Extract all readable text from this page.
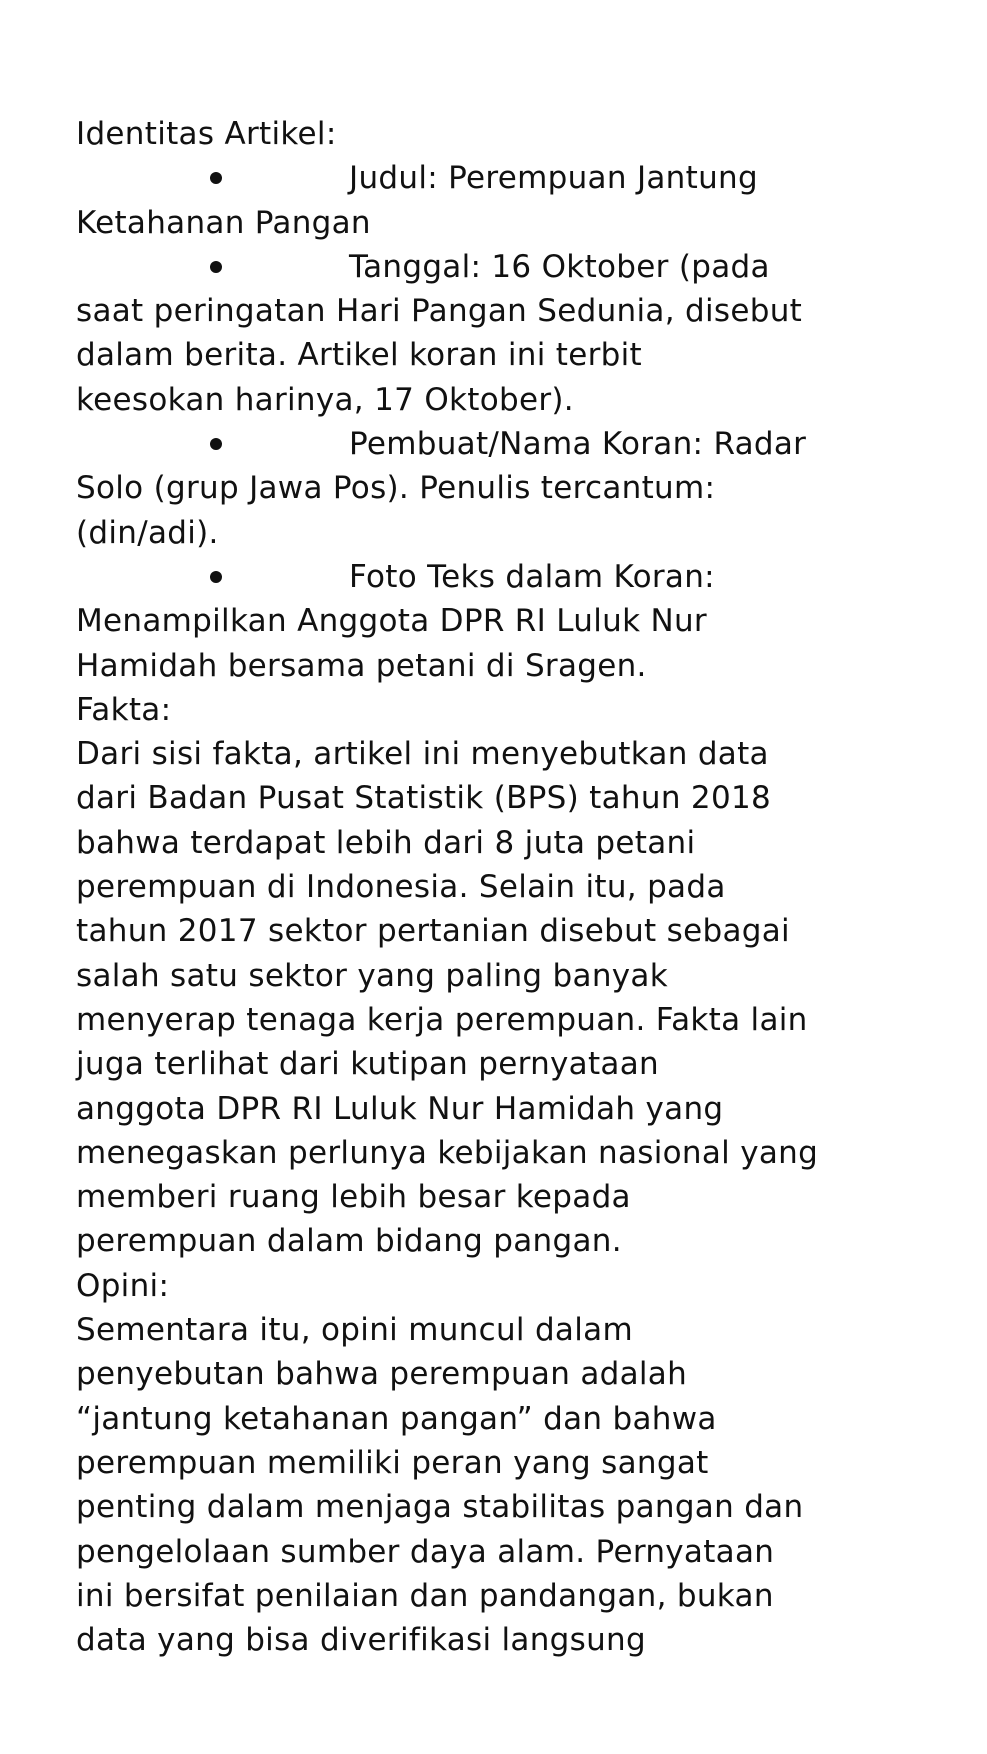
Identitas Artikel:
Judul: Perempuan Jantung
Ketahanan Pangan
Tanggal: 16 Oktober (pada
saat peringatan Hari Pangan Sedunia, disebut
dalam berita. Artikel koran ini terbit
keesokan harinya, 17 Oktober).
Pembuat/Nama Koran: Radar
Solo (grup Jawa Pos). Penulis tercantum:
(din/adi).
Foto Teks dalam Koran:
Menampilkan Anggota DPR RI Luluk Nur
Hamidah bersama petani di Sragen.
Fakta:
Dari sisi fakta, artikel ini menyebutkan data
dari Badan Pusat Statistik (BPS) tahun 2018
bahwa terdapat lebih dari 8 juta petani
perempuan di Indonesia. Selain itu, pada
tahun 2017 sektor pertanian disebut sebagai
salah satu sektor yang paling banyak
menyerap tenaga kerja perempuan. Fakta lain
juga terlihat dari kutipan pernyataan
anggota DPR RI Luluk Nur Hamidah yang
menegaskan perlunya kebijakan nasional yang
memberi ruang lebih besar kepada
perempuan dalam bidang pangan.
Opini:
Sementara itu, opini muncul dalam
penyebutan bahwa perempuan adalah
“jantung ketahanan pangan” dan bahwa
perempuan memiliki peran yang sangat
penting dalam menjaga stabilitas pangan dan
pengelolaan sumber daya alam. Pernyataan
ini bersifat penilaian dan pandangan, bukan
data yang bisa diverifikasi langsung
